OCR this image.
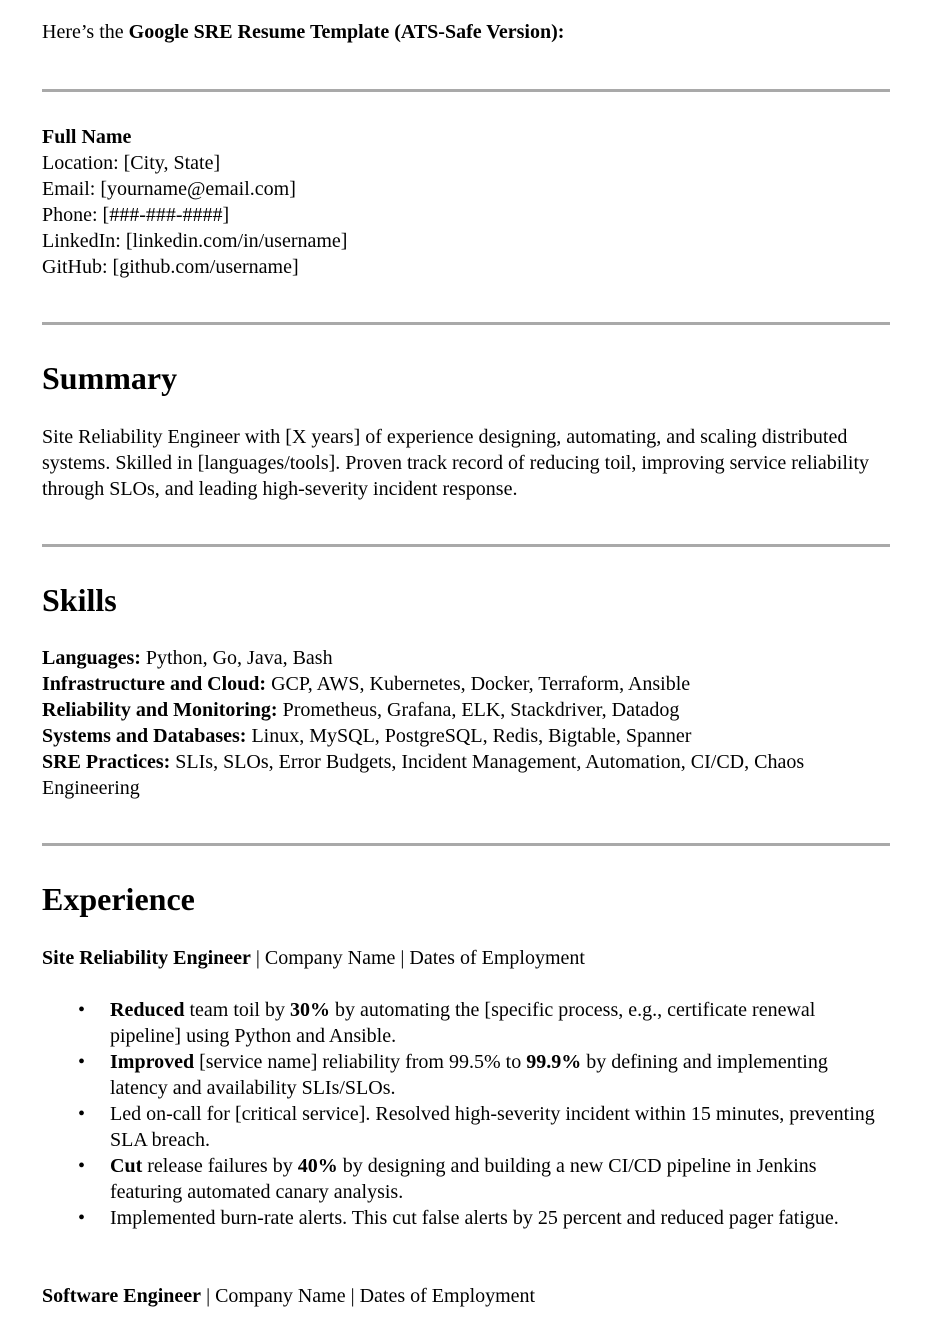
Here’s the Google SRE Resume Template (ATS-Safe Version):
Full Name
Location: [City, State]
Email: [yourname@email.com]
Phone: [###-###-####]
LinkedIn: [linkedin.com/in/username]
GitHub: [github.com/username]
Summary
Site Reliability Engineer with [X years] of experience designing, automating, and scaling distributed systems. Skilled in [languages/tools]. Proven track record of reducing toil, improving service reliability through SLOs, and leading high-severity incident response.
Skills
Languages: Python, Go, Java, Bash
Infrastructure and Cloud: GCP, AWS, Kubernetes, Docker, Terraform, Ansible
Reliability and Monitoring: Prometheus, Grafana, ELK, Stackdriver, Datadog
Systems and Databases: Linux, MySQL, PostgreSQL, Redis, Bigtable, Spanner
SRE Practices: SLIs, SLOs, Error Budgets, Incident Management, Automation, CI/CD, Chaos Engineering
Experience
Site Reliability Engineer | Company Name | Dates of Employment
• Reduced team toil by 30% by automating the [specific process, e.g., certificate renewal pipeline] using Python and Ansible.
• Improved [service name] reliability from 99.5% to 99.9% by defining and implementing latency and availability SLIs/SLOs.
• Led on-call for [critical service]. Resolved high-severity incident within 15 minutes, preventing SLA breach.
• Cut release failures by 40% by designing and building a new CI/CD pipeline in Jenkins featuring automated canary analysis.
• Implemented burn-rate alerts. This cut false alerts by 25 percent and reduced pager fatigue.
Software Engineer | Company Name | Dates of Employment
